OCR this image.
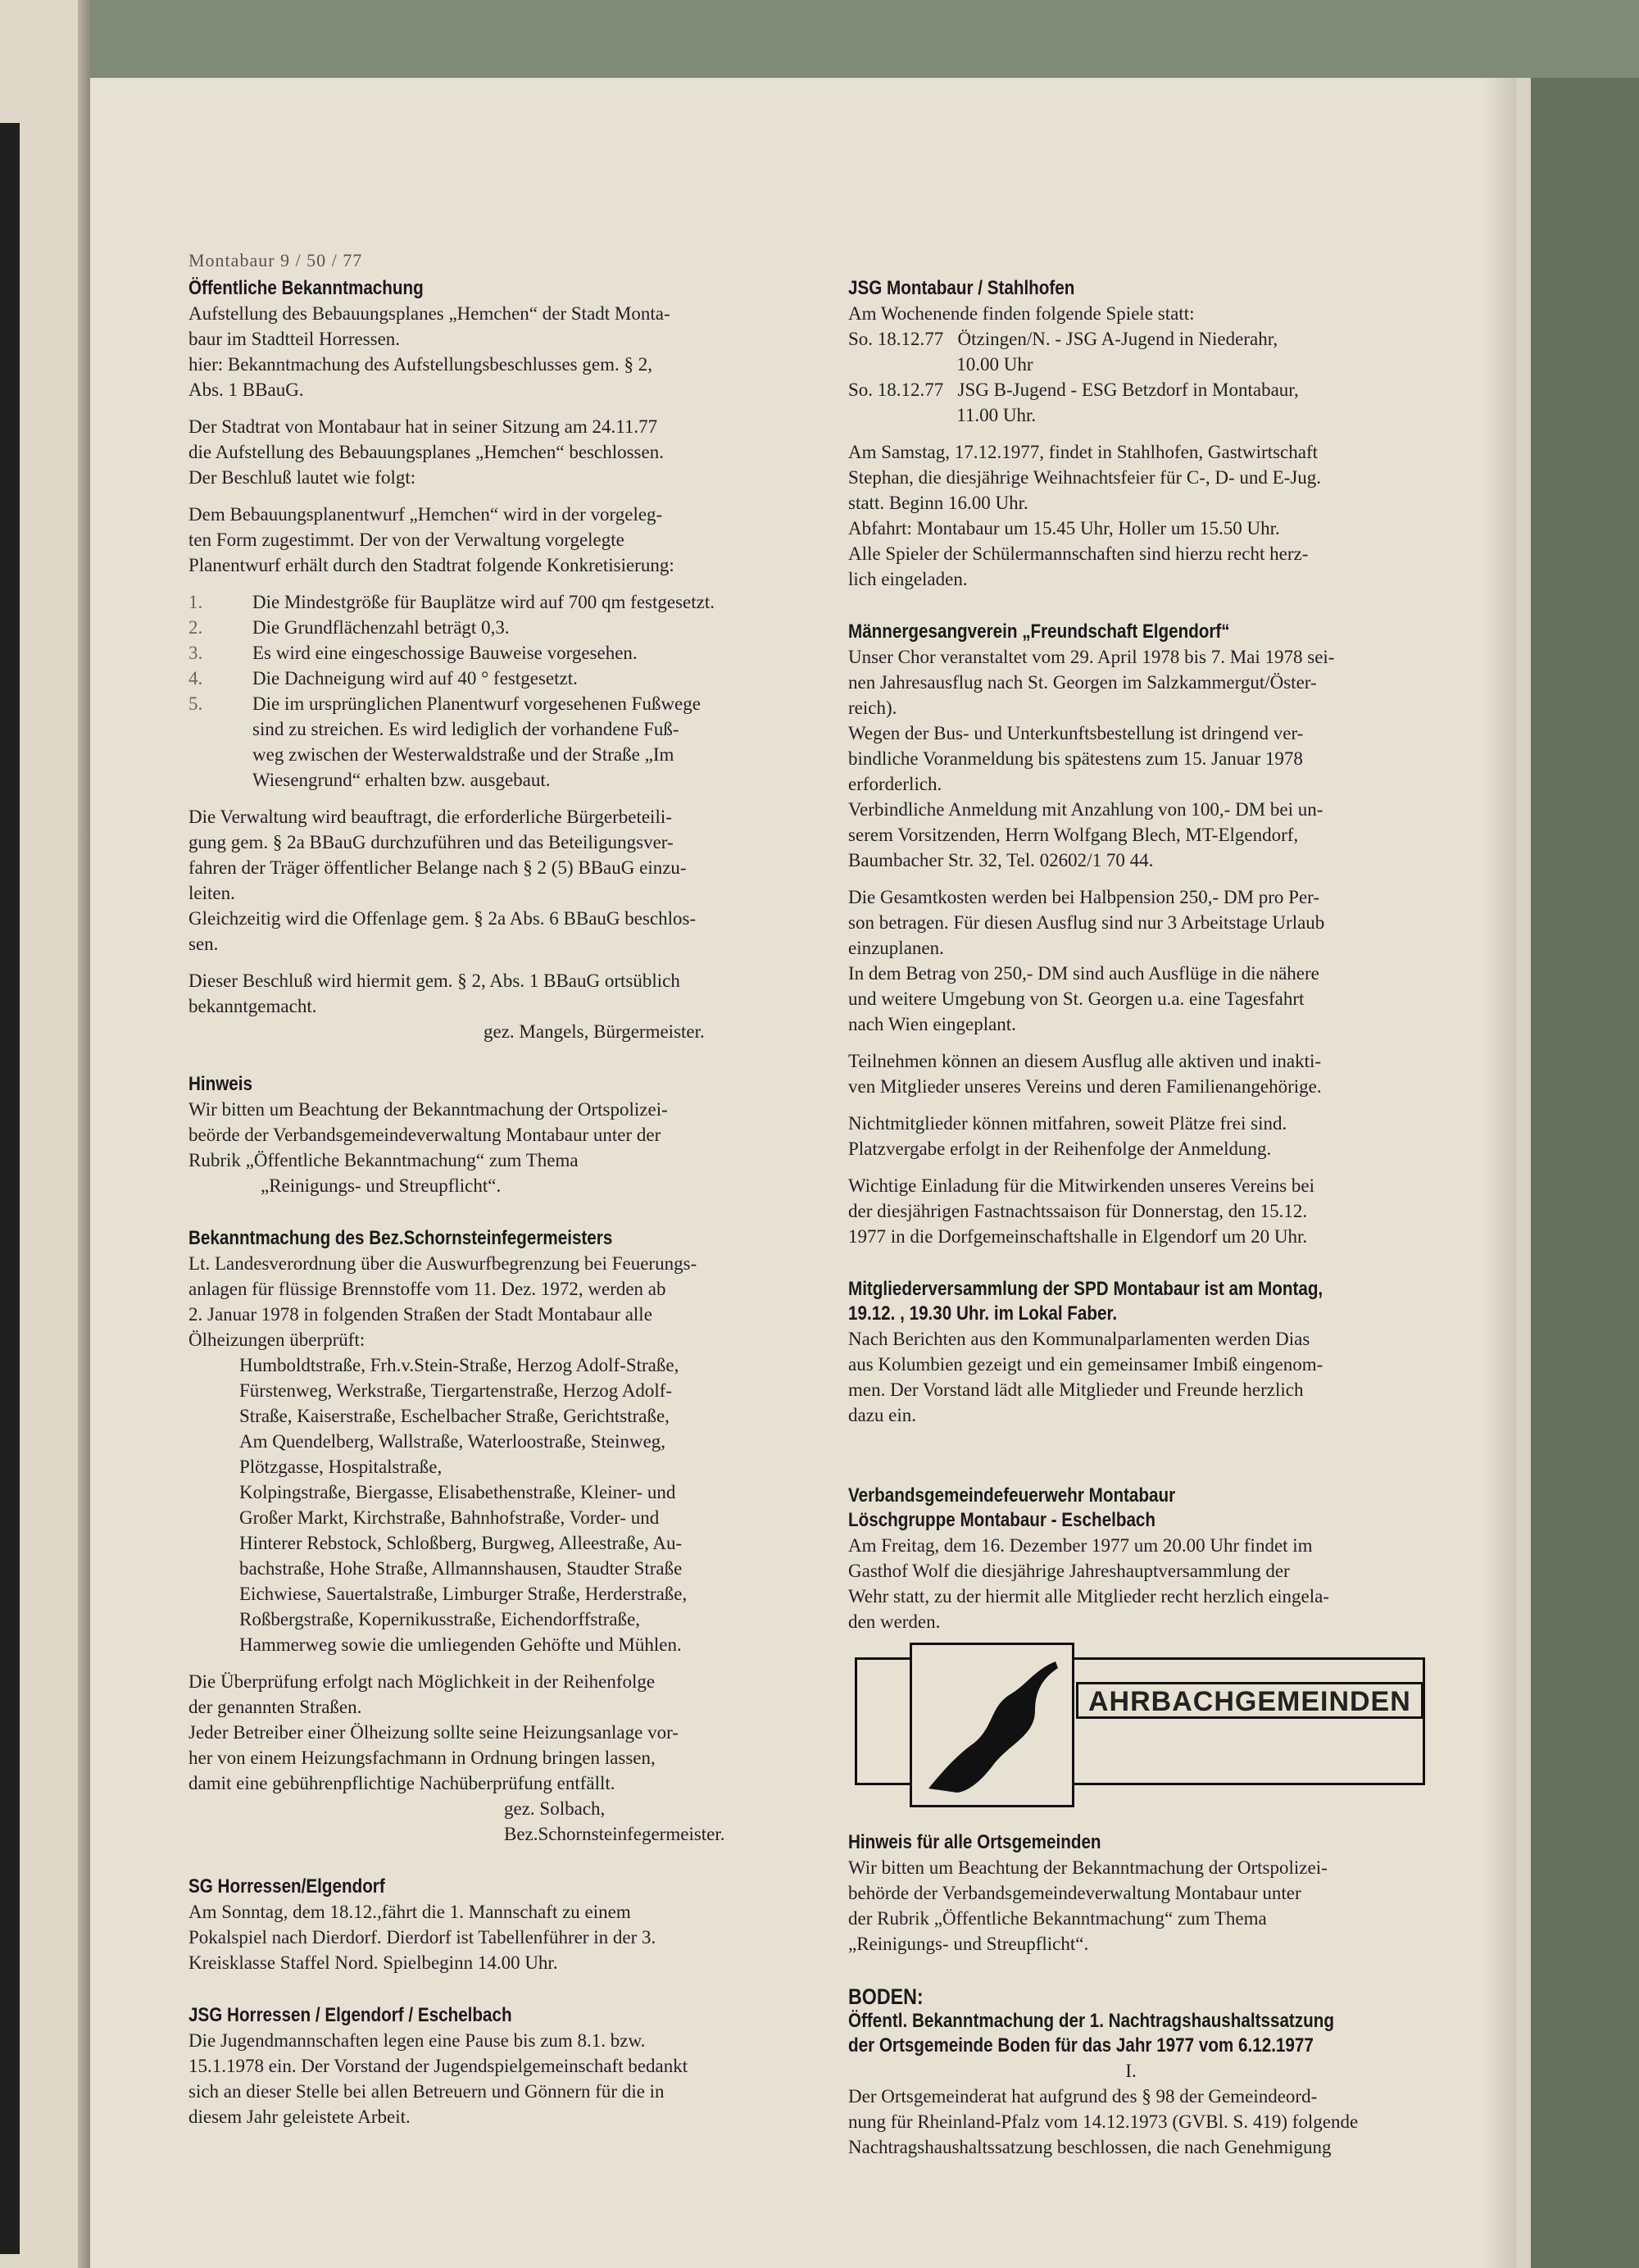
Montabaur 9 / 50 / 77
Öffentliche Bekanntmachung

Aufstellung des Bebauungsplanes „Hemchen“ der Stadt Monta-

baur im Stadtteil Horressen.

hier: Bekanntmachung des Aufstellungsbeschlusses gem. § 2,

Abs. 1 BBauG.

Der Stadtrat von Montabaur hat in seiner Sitzung am 24.11.77

die Aufstellung des Bebauungsplanes „Hemchen“ beschlossen.

Der Beschluß lautet wie folgt:

Dem Bebauungsplanentwurf „Hemchen“ wird in der vorgeleg-

ten Form zugestimmt. Der von der Verwaltung vorgelegte

Planentwurf erhält durch den Stadtrat folgende Konkretisierung:

1.	Die Mindestgröße für Bauplätze wird auf 700 qm festgesetzt.
2.	Die Grundflächenzahl beträgt 0,3.
3.	Es wird eine eingeschossige Bauweise vorgesehen.
4.	Die Dachneigung wird auf 40 ° festgesetzt.
5.	Die im ursprünglichen Planentwurf vorgesehenen Fußwege
sind zu streichen. Es wird lediglich der vorhandene Fuß-
weg zwischen der Westerwaldstraße und der Straße „Im
Wiesengrund“ erhalten bzw. ausgebaut.

Die Verwaltung wird beauftragt, die erforderliche Bürgerbeteili-

gung gem. § 2a BBauG durchzuführen und das Beteiligungsver-

fahren der Träger öffentlicher Belange nach § 2 (5) BBauG einzu-

leiten.

Gleichzeitig wird die Offenlage gem. § 2a Abs. 6 BBauG beschlos-

sen.

Dieser Beschluß wird hiermit gem. § 2, Abs. 1 BBauG ortsüblich

bekanntgemacht.

gez. Mangels, Bürgermeister.

Hinweis

Wir bitten um Beachtung der Bekanntmachung der Ortspolizei-

beörde der Verbandsgemeindeverwaltung Montabaur unter der

Rubrik „Öffentliche Bekanntmachung“ zum Thema

„Reinigungs- und Streupflicht“.

Bekanntmachung des Bez.Schornsteinfegermeisters

Lt. Landesverordnung über die Auswurfbegrenzung bei Feuerungs-

anlagen für flüssige Brennstoffe vom 11. Dez. 1972, werden ab

2. Januar 1978 in folgenden Straßen der Stadt Montabaur alle

Ölheizungen überprüft:

Humboldtstraße, Frh.v.Stein-Straße, Herzog Adolf-Straße,

Fürstenweg, Werkstraße, Tiergartenstraße, Herzog Adolf-

Straße, Kaiserstraße, Eschelbacher Straße, Gerichtstraße,

Am Quendelberg, Wallstraße, Waterloostraße, Steinweg,

Plötzgasse, Hospitalstraße,

Kolpingstraße, Biergasse, Elisabethenstraße, Kleiner- und

Großer Markt, Kirchstraße, Bahnhofstraße, Vorder- und

Hinterer Rebstock, Schloßberg, Burgweg, Alleestraße, Au-

bachstraße, Hohe Straße, Allmannshausen, Staudter Straße

Eichwiese, Sauertalstraße, Limburger Straße, Herderstraße,

Roßbergstraße, Kopernikusstraße, Eichendorffstraße,

Hammerweg sowie die umliegenden Gehöfte und Mühlen.

Die Überprüfung erfolgt nach Möglichkeit in der Reihenfolge

der genannten Straßen.

Jeder Betreiber einer Ölheizung sollte seine Heizungsanlage vor-

her von einem Heizungsfachmann in Ordnung bringen lassen,

damit eine gebührenpflichtige Nachüberprüfung entfällt.

gez. Solbach,

Bez.Schornsteinfegermeister.

SG Horressen/Elgendorf

Am Sonntag, dem 18.12.,fährt die 1. Mannschaft zu einem

Pokalspiel nach Dierdorf. Dierdorf ist Tabellenführer in der 3.

Kreisklasse Staffel Nord. Spielbeginn 14.00 Uhr.

JSG Horressen / Elgendorf / Eschelbach

Die Jugendmannschaften legen eine Pause bis zum 8.1. bzw.

15.1.1978 ein. Der Vorstand der Jugendspielgemeinschaft bedankt

sich an dieser Stelle bei allen Betreuern und Gönnern für die in

diesem Jahr geleistete Arbeit.

JSG Montabaur / Stahlhofen

Am Wochenende finden folgende Spiele statt:

So. 18.12.77   Ötzingen/N. - JSG A-Jugend in Niederahr,

10.00 Uhr

So. 18.12.77   JSG B-Jugend - ESG Betzdorf in Montabaur,

11.00 Uhr.

Am Samstag, 17.12.1977, findet in Stahlhofen, Gastwirtschaft

Stephan, die diesjährige Weihnachtsfeier für C-, D- und E-Jug.

statt. Beginn 16.00 Uhr.

Abfahrt: Montabaur um 15.45 Uhr, Holler um 15.50 Uhr.

Alle Spieler der Schülermannschaften sind hierzu recht herz-

lich eingeladen.

Männergesangverein „Freundschaft Elgendorf“

Unser Chor veranstaltet vom 29. April 1978 bis 7. Mai 1978 sei-

nen Jahresausflug nach St. Georgen im Salzkammergut/Öster-

reich).

Wegen der Bus- und Unterkunftsbestellung ist dringend ver-

bindliche Voranmeldung bis spätestens zum 15. Januar 1978

erforderlich.

Verbindliche Anmeldung mit Anzahlung von 100,- DM bei un-

serem Vorsitzenden, Herrn Wolfgang Blech, MT-Elgendorf,

Baumbacher Str. 32, Tel. 02602/1 70 44.

Die Gesamtkosten werden bei Halbpension 250,- DM pro Per-

son betragen. Für diesen Ausflug sind nur 3 Arbeitstage Urlaub

einzuplanen.

In dem Betrag von 250,- DM sind auch Ausflüge in die nähere

und weitere Umgebung von St. Georgen u.a. eine Tagesfahrt

nach Wien eingeplant.

Teilnehmen können an diesem Ausflug alle aktiven und inakti-

ven Mitglieder unseres Vereins und deren Familienangehörige.

Nichtmitglieder können mitfahren, soweit Plätze frei sind.

Platzvergabe erfolgt in der Reihenfolge der Anmeldung.

Wichtige Einladung für die Mitwirkenden unseres Vereins bei

der diesjährigen Fastnachtssaison für Donnerstag, den 15.12.

1977 in die Dorfgemeinschaftshalle in Elgendorf um 20 Uhr.

Mitgliederversammlung der SPD Montabaur ist am Montag,
19.12. , 19.30 Uhr. im Lokal Faber.

Nach Berichten aus den Kommunalparlamenten werden Dias

aus Kolumbien gezeigt und ein gemeinsamer Imbiß eingenom-

men. Der Vorstand lädt alle Mitglieder und Freunde herzlich

dazu ein.

Verbandsgemeindefeuerwehr Montabaur
Löschgruppe Montabaur - Eschelbach

Am Freitag, dem 16. Dezember 1977 um 20.00 Uhr findet im

Gasthof Wolf die diesjährige Jahreshauptversammlung der

Wehr statt, zu der hiermit alle Mitglieder recht herzlich eingela-

den werden.

AHRBACHGEMEINDEN
Hinweis für alle Ortsgemeinden

Wir bitten um Beachtung der Bekanntmachung der Ortspolizei-

behörde der Verbandsgemeindeverwaltung Montabaur unter

der Rubrik „Öffentliche Bekanntmachung“ zum Thema

„Reinigungs- und Streupflicht“.

BODEN:
Öffentl. Bekanntmachung der 1. Nachtragshaushaltssatzung
der Ortsgemeinde Boden für das Jahr 1977 vom 6.12.1977

I.

Der Ortsgemeinderat hat aufgrund des § 98 der Gemeindeord-

nung für Rheinland-Pfalz vom 14.12.1973 (GVBl. S. 419) folgende

Nachtragshaushaltssatzung beschlossen, die nach Genehmigung
